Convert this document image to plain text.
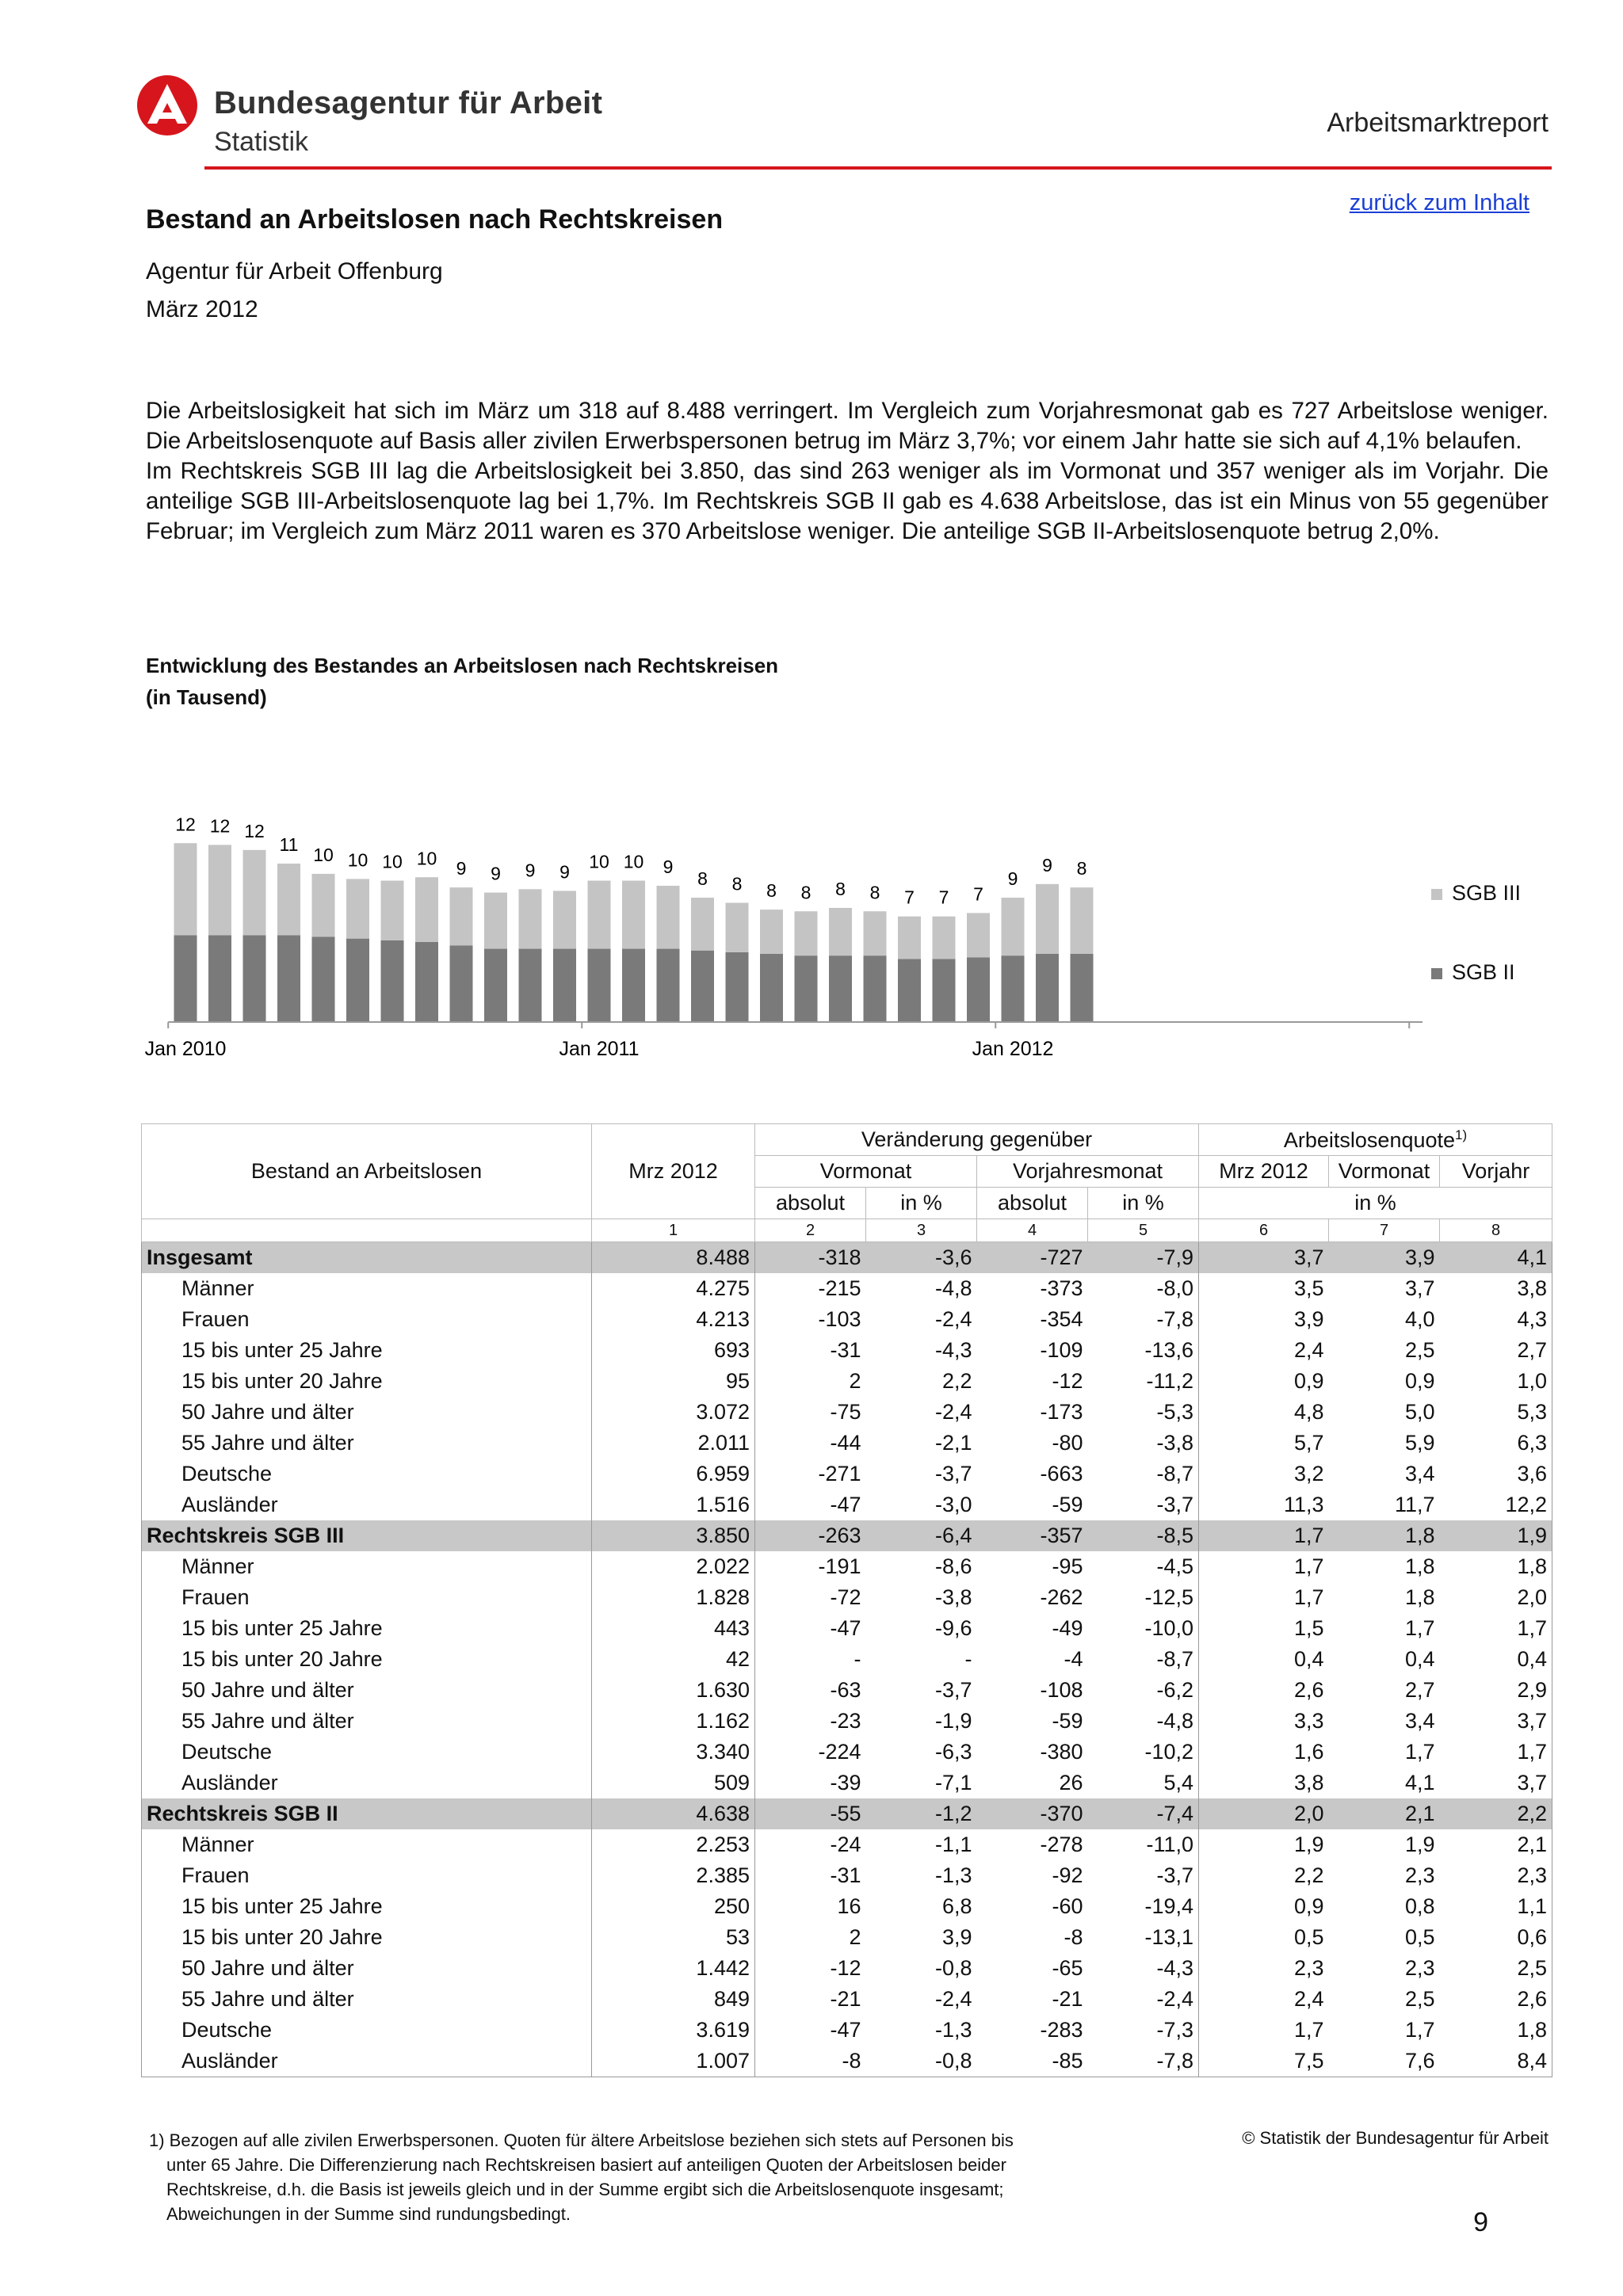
Bundesagentur für Arbeit
Statistik
Arbeitsmarktreport
zurück zum Inhalt
Bestand an Arbeitslosen nach Rechtskreisen
Agentur für Arbeit Offenburg
März 2012

Die Arbeitslosigkeit hat sich im März um 318 auf 8.488 verringert. Im Vergleich zum Vorjahresmonat gab es 727 Arbeitslose weniger. Die Arbeitslosenquote auf Basis aller zivilen Erwerbspersonen betrug im März 3,7%; vor einem Jahr hatte sie sich auf 4,1% belaufen.

Im Rechtskreis SGB III lag die Arbeitslosigkeit bei 3.850, das sind 263 weniger als im Vormonat und 357 weniger als im Vorjahr. Die anteilige SGB III-Arbeitslosenquote lag bei 1,7%. Im Rechtskreis SGB II gab es 4.638 Arbeitslose, das ist ein Minus von 55 gegenüber Februar; im Vergleich zum März 2011 waren es 370 Arbeitslose weniger. Die anteilige SGB II-Arbeitslosenquote betrug 2,0%.

Entwicklung des Bestandes an Arbeitslosen nach Rechtskreisen
(in Tausend)
12 12 12
11 10 10 10 10 9 9 9 9 10 10 9
8 8 8 8 8 8 7 7 7
9
9 8
Jan 2010	Jan 2011	Jan 2012
SGB III
SGB II
Bestand an Arbeitslosen	Mrz 2012	Veränderung gegenüber				Arbeitslosenquote$^{1)}$
		Vormonat		Vorjahresmonat		Mrz 2012	Vormonat	Vorjahr
		absolut	in %	absolut	in %	in %		
	1	2	3	4	5	6	7	8
Insgesamt	8.488	-318	-3,6	-727	-7,9	3,7	3,9	4,1
Männer	4.275	-215	-4,8	-373	-8,0	3,5	3,7	3,8
Frauen	4.213	-103	-2,4	-354	-7,8	3,9	4,0	4,3
15 bis unter 25 Jahre	693	-31	-4,3	-109	-13,6	2,4	2,5	2,7
15 bis unter 20 Jahre	95	2	2,2	-12	-11,2	0,9	0,9	1,0
50 Jahre und älter	3.072	-75	-2,4	-173	-5,3	4,8	5,0	5,3
55 Jahre und älter	2.011	-44	-2,1	-80	-3,8	5,7	5,9	6,3
Deutsche	6.959	-271	-3,7	-663	-8,7	3,2	3,4	3,6
Ausländer	1.516	-47	-3,0	-59	-3,7	11,3	11,7	12,2
Rechtskreis SGB III	3.850	-263	-6,4	-357	-8,5	1,7	1,8	1,9
Männer	2.022	-191	-8,6	-95	-4,5	1,7	1,8	1,8
Frauen	1.828	-72	-3,8	-262	-12,5	1,7	1,8	2,0
15 bis unter 25 Jahre	443	-47	-9,6	-49	-10,0	1,5	1,7	1,7
15 bis unter 20 Jahre	42	-	-	-4	-8,7	0,4	0,4	0,4
50 Jahre und älter	1.630	-63	-3,7	-108	-6,2	2,6	2,7	2,9
55 Jahre und älter	1.162	-23	-1,9	-59	-4,8	3,3	3,4	3,7
Deutsche	3.340	-224	-6,3	-380	-10,2	1,6	1,7	1,7
Ausländer	509	-39	-7,1	26	5,4	3,8	4,1	3,7
Rechtskreis SGB II	4.638	-55	-1,2	-370	-7,4	2,0	2,1	2,2
Männer	2.253	-24	-1,1	-278	-11,0	1,9	1,9	2,1
Frauen	2.385	-31	-1,3	-92	-3,7	2,2	2,3	2,3
15 bis unter 25 Jahre	250	16	6,8	-60	-19,4	0,9	0,8	1,1
15 bis unter 20 Jahre	53	2	3,9	-8	-13,1	0,5	0,5	0,6
50 Jahre und älter	1.442	-12	-0,8	-65	-4,3	2,3	2,3	2,5
55 Jahre und älter	849	-21	-2,4	-21	-2,4	2,4	2,5	2,6
Deutsche	3.619	-47	-1,3	-283	-7,3	1,7	1,7	1,8
Ausländer	1.007	-8	-0,8	-85	-7,8	7,5	7,6	8,4
1) Bezogen auf alle zivilen Erwerbspersonen. Quoten für ältere Arbeitslose beziehen sich stets auf Personen bis
unter 65 Jahre. Die Differenzierung nach Rechtskreisen basiert auf anteiligen Quoten der Arbeitslosen beider
Rechtskreise, d.h. die Basis ist jeweils gleich und in der Summe ergibt sich die Arbeitslosenquote insgesamt;
Abweichungen in der Summe sind rundungsbedingt.
© Statistik der Bundesagentur für Arbeit
9
